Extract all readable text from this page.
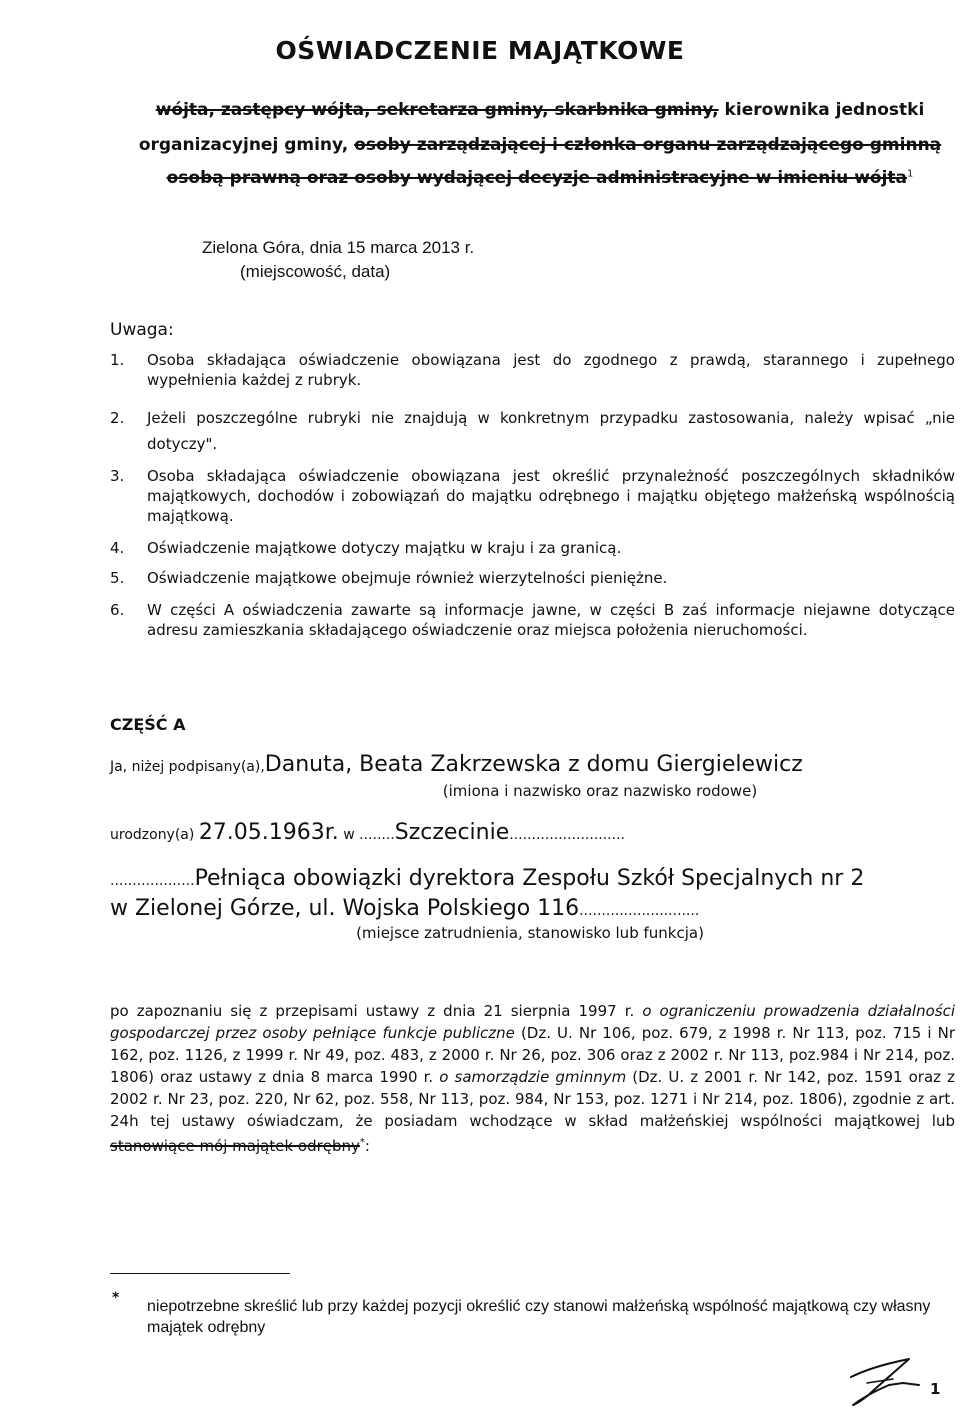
OŚWIADCZENIE MAJĄTKOWE
wójta, zastępcy wójta, sekretarza gminy, skarbnika gminy, kierownika jednostki
organizacyjnej gminy, osoby zarządzającej i członka organu zarządzającego gminną
osobą prawną oraz osoby wydającej decyzje administracyjne w imieniu wójta$^1$
Zielona Góra, dnia 15 marca 2013 r.
(miejscowość, data)
Uwaga:
1. Osoba składająca oświadczenie obowiązana jest do zgodnego z prawdą, starannego i zupełnego wypełnienia każdej z rubryk.
2. Jeżeli poszczególne rubryki nie znajdują w konkretnym przypadku zastosowania, należy wpisać „nie dotyczy".
3. Osoba składająca oświadczenie obowiązana jest określić przynależność poszczególnych składników majątkowych, dochodów i zobowiązań do majątku odrębnego i majątku objętego małżeńską wspólnością majątkową.
4. Oświadczenie majątkowe dotyczy majątku w kraju i za granicą.
5. Oświadczenie majątkowe obejmuje również wierzytelności pieniężne.
6. W części A oświadczenia zawarte są informacje jawne, w części B zaś informacje niejawne dotyczące adresu zamieszkania składającego oświadczenie oraz miejsca położenia nieruchomości.
CZĘŚĆ A
Ja, niżej podpisany(a),Danuta, Beata Zakrzewska z domu Giergielewicz
(imiona i nazwisko oraz nazwisko rodowe)
urodzony(a) 27.05.1963r. w ........Szczecinie..........................
...................Pełniąca obowiązki dyrektora Zespołu Szkół Specjalnych nr 2
w Zielonej Górze, ul. Wojska Polskiego 116...........................
(miejsce zatrudnienia, stanowisko lub funkcja)
po zapoznaniu się z przepisami ustawy z dnia 21 sierpnia 1997 r. o ograniczeniu prowadzenia działalności gospodarczej przez osoby pełniące funkcje publiczne (Dz. U. Nr 106, poz. 679, z 1998 r. Nr 113, poz. 715 i Nr 162, poz. 1126, z 1999 r. Nr 49, poz. 483, z 2000 r. Nr 26, poz. 306 oraz z 2002 r. Nr 113, poz.984 i Nr 214, poz. 1806) oraz ustawy z dnia 8 marca 1990 r. o samorządzie gminnym (Dz. U. z 2001 r. Nr 142, poz. 1591 oraz z 2002 r. Nr 23, poz. 220, Nr 62, poz. 558, Nr 113, poz. 984, Nr 153, poz. 1271 i Nr 214, poz. 1806), zgodnie z art. 24h tej ustawy oświadczam, że posiadam wchodzące w skład małżeńskiej wspólności majątkowej lub stanowiące mój majątek odrębny*:
* niepotrzebne skreślić lub przy każdej pozycji określić czy stanowi małżeńską wspólność majątkową czy własny majątek odrębny
1
